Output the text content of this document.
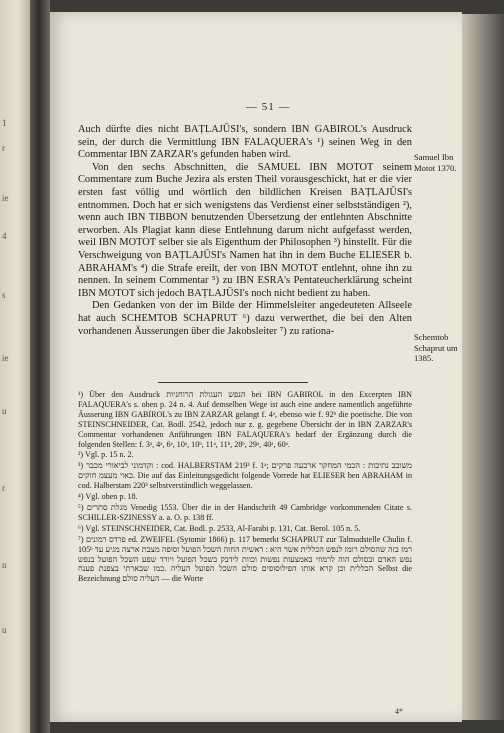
1
r
ie
4
s
ie
u
r
n
u
— 51 —

Auch dürfte dies nicht BAṬLAJŪSI's, sondern IBN GABIROL's Ausdruck sein, der durch die Vermittlung IBN FALAQUERA's ¹) seinen Weg in den Commentar IBN ZARZAR's gefunden haben wird.

Von den sechs Abschnitten, die SAMUEL IBN MOTOT seinem Commentare zum Buche Jezira als ersten Theil vorausgeschickt, hat er die vier ersten fast völlig und wörtlich den bildlichen Kreisen BAṬLAJŪSI's entnommen. Doch hat er sich wenigstens das Verdienst einer selbstständigen ²), wenn auch IBN TIBBON benutzenden Übersetzung der entlehnten Abschnitte erworben. Als Plagiat kann diese Entlehnung darum nicht aufgefasst werden, weil IBN MOTOT selber sie als Eigenthum der Philosophen ³) hinstellt. Für die Verschweigung von BAṬLAJŪSI's Namen hat ihn in dem Buche ELIESER b. ABRAHAM's ⁴) die Strafe ereilt, der von IBN MOTOT entlehnt, ohne ihn zu nennen. In seinem Commentar ⁵) zu IBN ESRA's Pentateucherklärung scheint IBN MOTOT sich jedoch BAṬLAJŪSI's noch nicht bedient zu haben.

Den Gedanken von der im Bilde der Himmelsleiter angedeuteten Allseele hat auch SCHEMTOB SCHAPRUT ⁶) dazu verwerthet, die bei den Alten vorhandenen Äusserungen über die Jakobsleiter ⁷) zu rationa-

Samuel Ibn Motot 1370.
Schemtob Schaprut um 1385.
¹) Über den Ausdruck הנפש העגולת הרוחניות bei IBN GABIROL in den Excerpten IBN FALAQUERA's s. oben p. 24 n. 4. Auf demselben Wege ist auch eine andere namentlich angeführte Äusserung IBN GABIROL's zu IBN ZARZAR gelangt f. 4ᵃ, ebenso wie f. 92ᵇ die poetische. Die von STEINSCHNEIDER, Cat. Bodl. 2542, jedoch nur z. g. gegebene Übersicht der in IBN ZARZAR's Commentar vorhandenen Anführungen IBN FALAQUERA's bedarf der Ergänzung durch die folgenden Stellen: f. 3ᵃ, 4ᵃ, 6ᵃ, 10ᵃ, 10ᵇ, 11ᵃ, 11ᵇ, 28ᵇ, 29ᵃ, 40ᵃ, 60ᵃ.
²) Vgl. p. 15 n. 2.
³) וקדמוני לביאורי מכבר : cod. HALBERSTAM 219³ f. 1ᵃ; משובב נתיבות : הכמי המחקר ארבעה פרקים כאוי מעצמ חוקים. Die auf das Einleitungsgedicht folgende Vorrede hat ELIESER ben ABRAHAM in cod. Halberstam 220³ selbstverständlich weggelassen.
⁴) Vgl. oben p. 18.
⁵) מגלת סתרים Venedig 1553. Über die in der Handschrift 49 Cambridge vorkommenden Citate s. SCHILLER-SZINESSY a. a. O. p. 138 ff.
⁶) Vgl. STEINSCHNEIDER, Cat. Bodl. p. 2533, Al-Farabi p. 131, Cat. Berol. 105 n. 5.
⁷) פרדס רמונים ed. ZWEIFEL (Sytomir 1866) p. 117 bemerkt SCHAPRUT zur Talmudstelle Chulin f. 105ᵇ רמז בזה שהסולם רומז לנפש הכללית אשר היא : ראשית החוה השכל הפועל וסופה מצבת ארצה מגיע עד נפש האדם ובסולם הוה לרמוזי באמצעות נפשות וכוות לידבק בשכל הפועל ויורד שפע השכל הפועל בנפש הכללית וכן קרא אותו הפילוסופים סולם השכל הפועל העליה .כמו שבארתי בצפנת פענח Selbst die Bezeichnung העליה סולם — die Worte
4*
